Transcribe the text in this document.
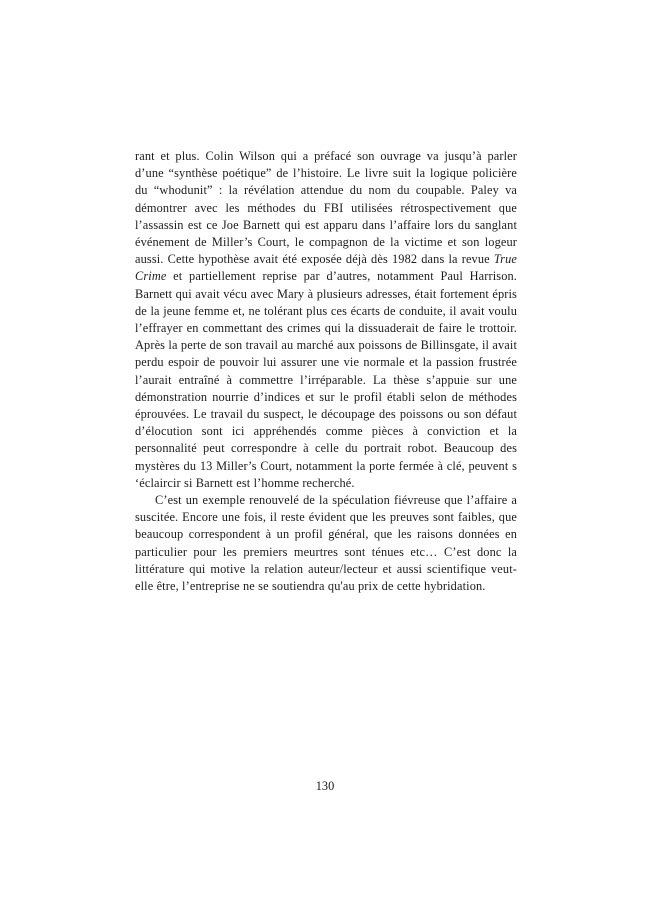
rant et plus. Colin Wilson qui a préfacé son ouvrage va jusqu’à parler d’une “synthèse poétique” de l’histoire. Le livre suit la logique policière du “whodunit” : la révélation attendue du nom du coupable. Paley va démontrer avec les méthodes du FBI utilisées rétrospectivement que l’assassin est ce Joe Barnett qui est apparu dans l’affaire lors du sanglant événement de Miller’s Court, le compagnon de la victime et son logeur aussi. Cette hypothèse avait été exposée déjà dès 1982 dans la revue True Crime et partiellement reprise par d’autres, notamment Paul Harrison. Barnett qui avait vécu avec Mary à plusieurs adresses, était fortement épris de la jeune femme et, ne tolérant plus ces écarts de conduite, il avait voulu l’effrayer en commettant des crimes qui la dissuaderait de faire le trottoir. Après la perte de son travail au marché aux poissons de Billinsgate, il avait perdu espoir de pouvoir lui assurer une vie normale et la passion frustrée l’aurait entraîné à commettre l’irréparable. La thèse s’appuie sur une démonstration nourrie d’indices et sur le profil établi selon de méthodes éprouvées. Le travail du suspect, le découpage des poissons ou son défaut d’élocution sont ici appréhendés comme pièces à conviction et la personnalité peut correspondre à celle du portrait robot. Beaucoup des mystères du 13 Miller’s Court, notamment la porte fermée à clé, peuvent s ‘éclaircir si Barnett est l’homme recherché.

C’est un exemple renouvelé de la spéculation fiévreuse que l’affaire a suscitée. Encore une fois, il reste évident que les preuves sont faibles, que beaucoup correspondent à un profil général, que les raisons données en particulier pour les premiers meurtres sont ténues etc… C’est donc la littérature qui motive la relation auteur/lecteur et aussi scientifique veut-elle être, l’entreprise ne se soutiendra qu'au prix de cette hybridation.

130
